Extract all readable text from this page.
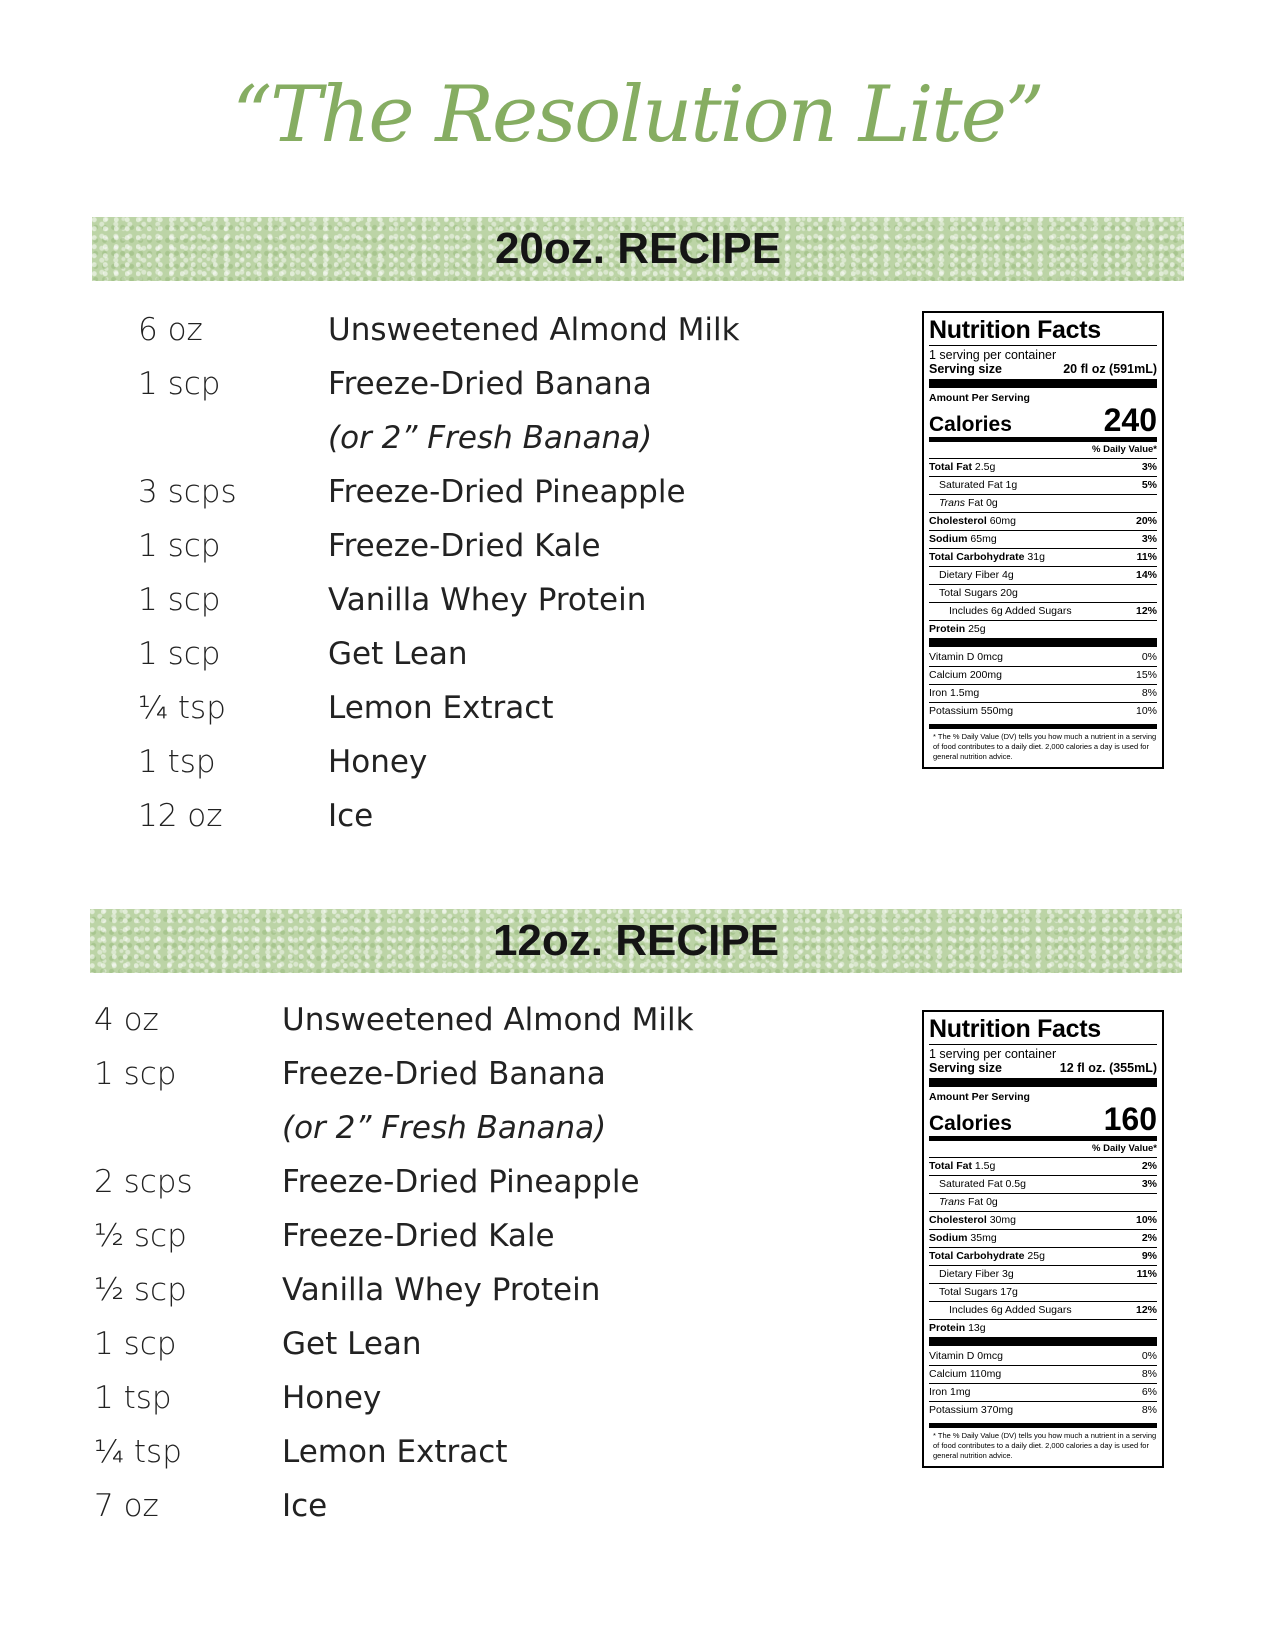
“The Resolution Lite”
20oz. RECIPE
6 oz	Unsweetened Almond Milk
1 scp	Freeze-Dried Banana
(or 2” Fresh Banana)
3 scps	Freeze-Dried Pineapple
1 scp	Freeze-Dried Kale
1 scp	Vanilla Whey Protein
1 scp	Get Lean
¼ tsp	Lemon Extract
1 tsp	Honey
12 oz	Ice
Nutrition Facts
1 serving per container
Serving size	20 fl oz (591mL)
Amount Per Serving
Calories	240
% Daily Value*
Total Fat 2.5g	3%
Saturated Fat 1g	5%
Trans Fat 0g
Cholesterol 60mg	20%
Sodium 65mg	3%
Total Carbohydrate 31g	11%
Dietary Fiber 4g	14%
Total Sugars 20g
Includes 6g Added Sugars	12%
Protein 25g
Vitamin D 0mcg	0%
Calcium 200mg	15%
Iron 1.5mg	8%
Potassium 550mg	10%
* The % Daily Value (DV) tells you how much a nutrient in a serving of food contributes to a daily diet. 2,000 calories a day is used for general nutrition advice.
12oz. RECIPE
4 oz	Unsweetened Almond Milk
1 scp	Freeze-Dried Banana
(or 2” Fresh Banana)
2 scps	Freeze-Dried Pineapple
½ scp	Freeze-Dried Kale
½ scp	Vanilla Whey Protein
1 scp	Get Lean
1 tsp	Honey
¼ tsp	Lemon Extract
7 oz	Ice
Nutrition Facts
1 serving per container
Serving size	12 fl oz. (355mL)
Amount Per Serving
Calories	160
% Daily Value*
Total Fat 1.5g	2%
Saturated Fat 0.5g	3%
Trans Fat 0g
Cholesterol 30mg	10%
Sodium 35mg	2%
Total Carbohydrate 25g	9%
Dietary Fiber 3g	11%
Total Sugars 17g
Includes 6g Added Sugars	12%
Protein 13g
Vitamin D 0mcg	0%
Calcium 110mg	8%
Iron 1mg	6%
Potassium 370mg	8%
* The % Daily Value (DV) tells you how much a nutrient in a serving of food contributes to a daily diet. 2,000 calories a day is used for general nutrition advice.
